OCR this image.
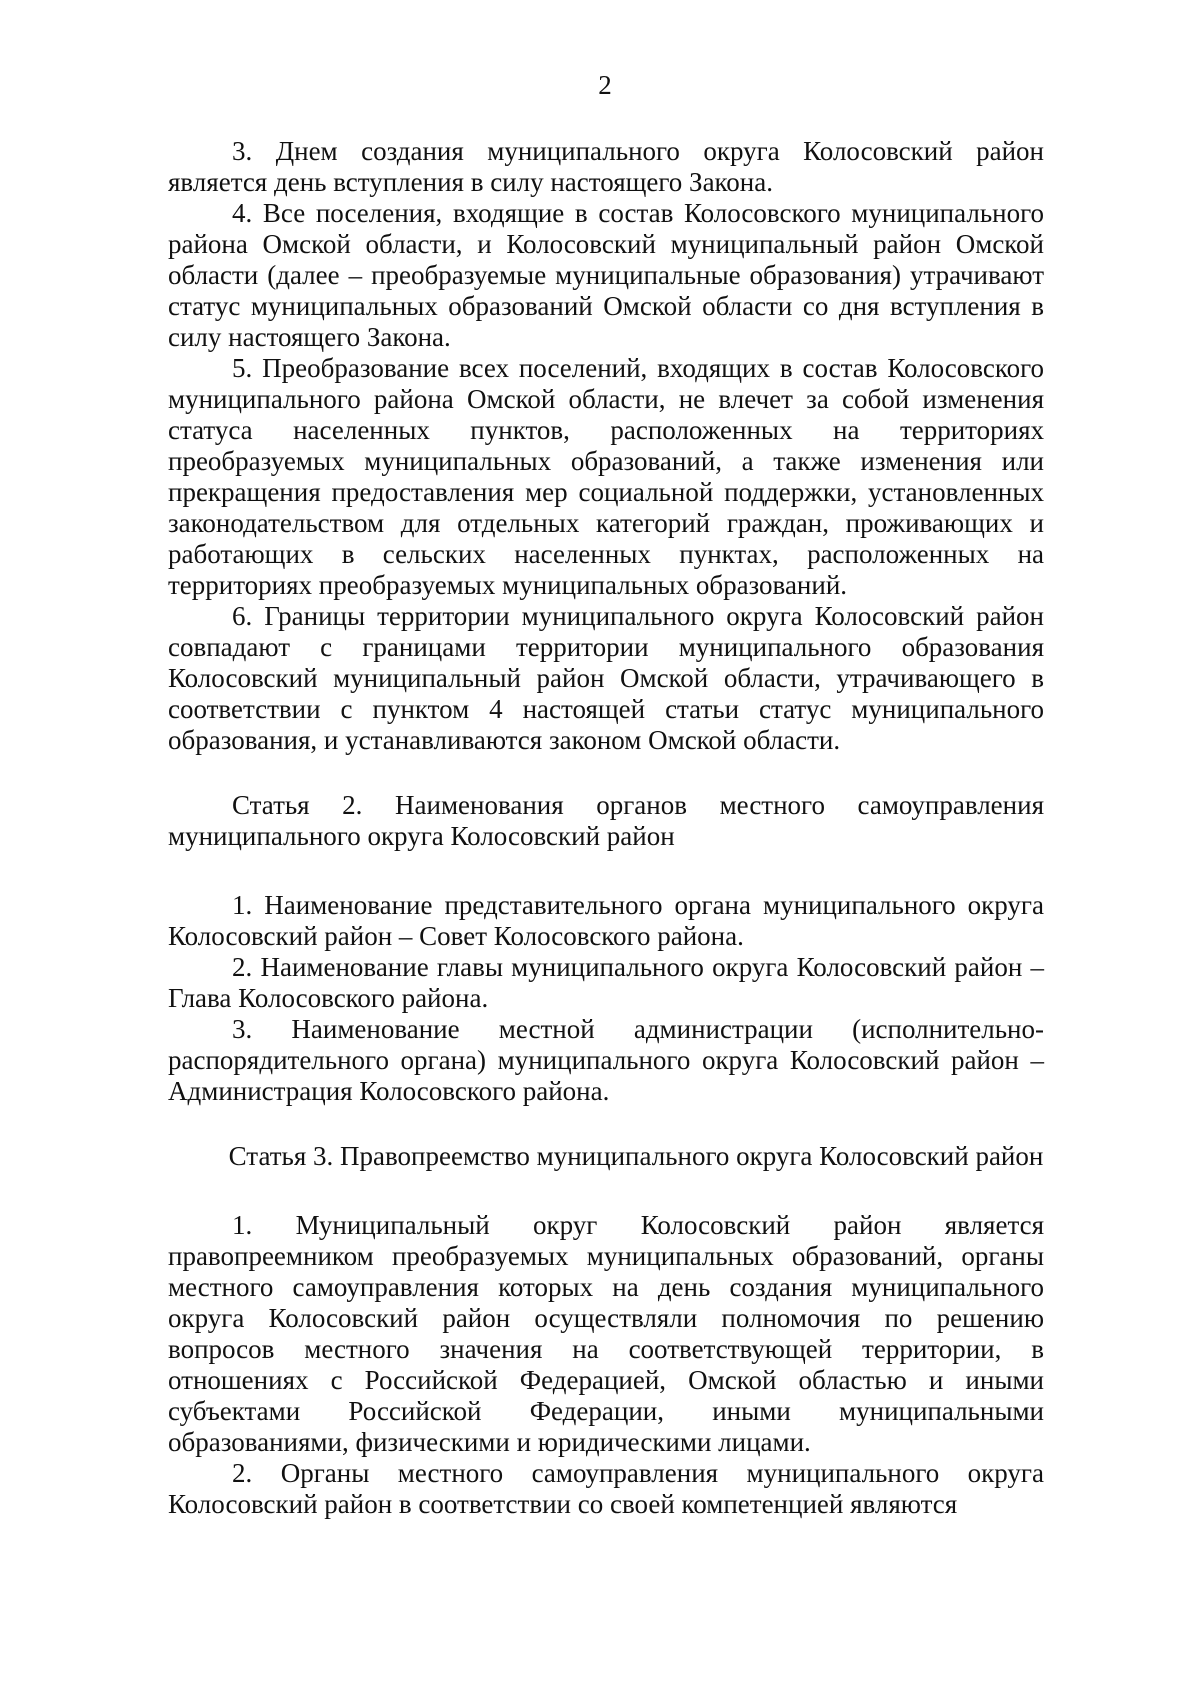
2

3. Днем создания муниципального округа Колосовский район является день вступления в силу настоящего Закона.

4. Все поселения, входящие в состав Колосовского муниципального района Омской области, и Колосовский муниципальный район Омской области (далее – преобразуемые муниципальные образования) утрачивают статус муниципальных образований Омской области со дня вступления в силу настоящего Закона.

5. Преобразование всех поселений, входящих в состав Колосовского муниципального района Омской области, не влечет за собой изменения статуса населенных пунктов, расположенных на территориях преобразуемых муниципальных образований, а также изменения или прекращения предоставления мер социальной поддержки, установленных законодательством для отдельных категорий граждан, проживающих и работающих в сельских населенных пунктах, расположенных на территориях преобразуемых муниципальных образований.

6. Границы территории муниципального округа Колосовский район совпадают с границами территории муниципального образования Колосовский муниципальный район Омской области, утрачивающего в соответствии с пунктом 4 настоящей статьи статус муниципального образования, и устанавливаются законом Омской области.

Статья 2. Наименования органов местного самоуправления муниципального округа Колосовский район

1. Наименование представительного органа муниципального округа Колосовский район – Совет Колосовского района.

2. Наименование главы муниципального округа Колосовский район – Глава Колосовского района.

3. Наименование местной администрации (исполнительно-распорядительного органа) муниципального округа Колосовский район – Администрация Колосовского района.

Статья 3. Правопреемство муниципального округа Колосовский район

1. Муниципальный округ Колосовский район является правопреемником преобразуемых муниципальных образований, органы местного самоуправления которых на день создания муниципального округа Колосовский район осуществляли полномочия по решению вопросов местного значения на соответствующей территории, в отношениях с Российской Федерацией, Омской областью и иными субъектами Российской Федерации, иными муниципальными образованиями, физическими и юридическими лицами.

2. Органы местного самоуправления муниципального округа Колосовский район в соответствии со своей компетенцией являются
